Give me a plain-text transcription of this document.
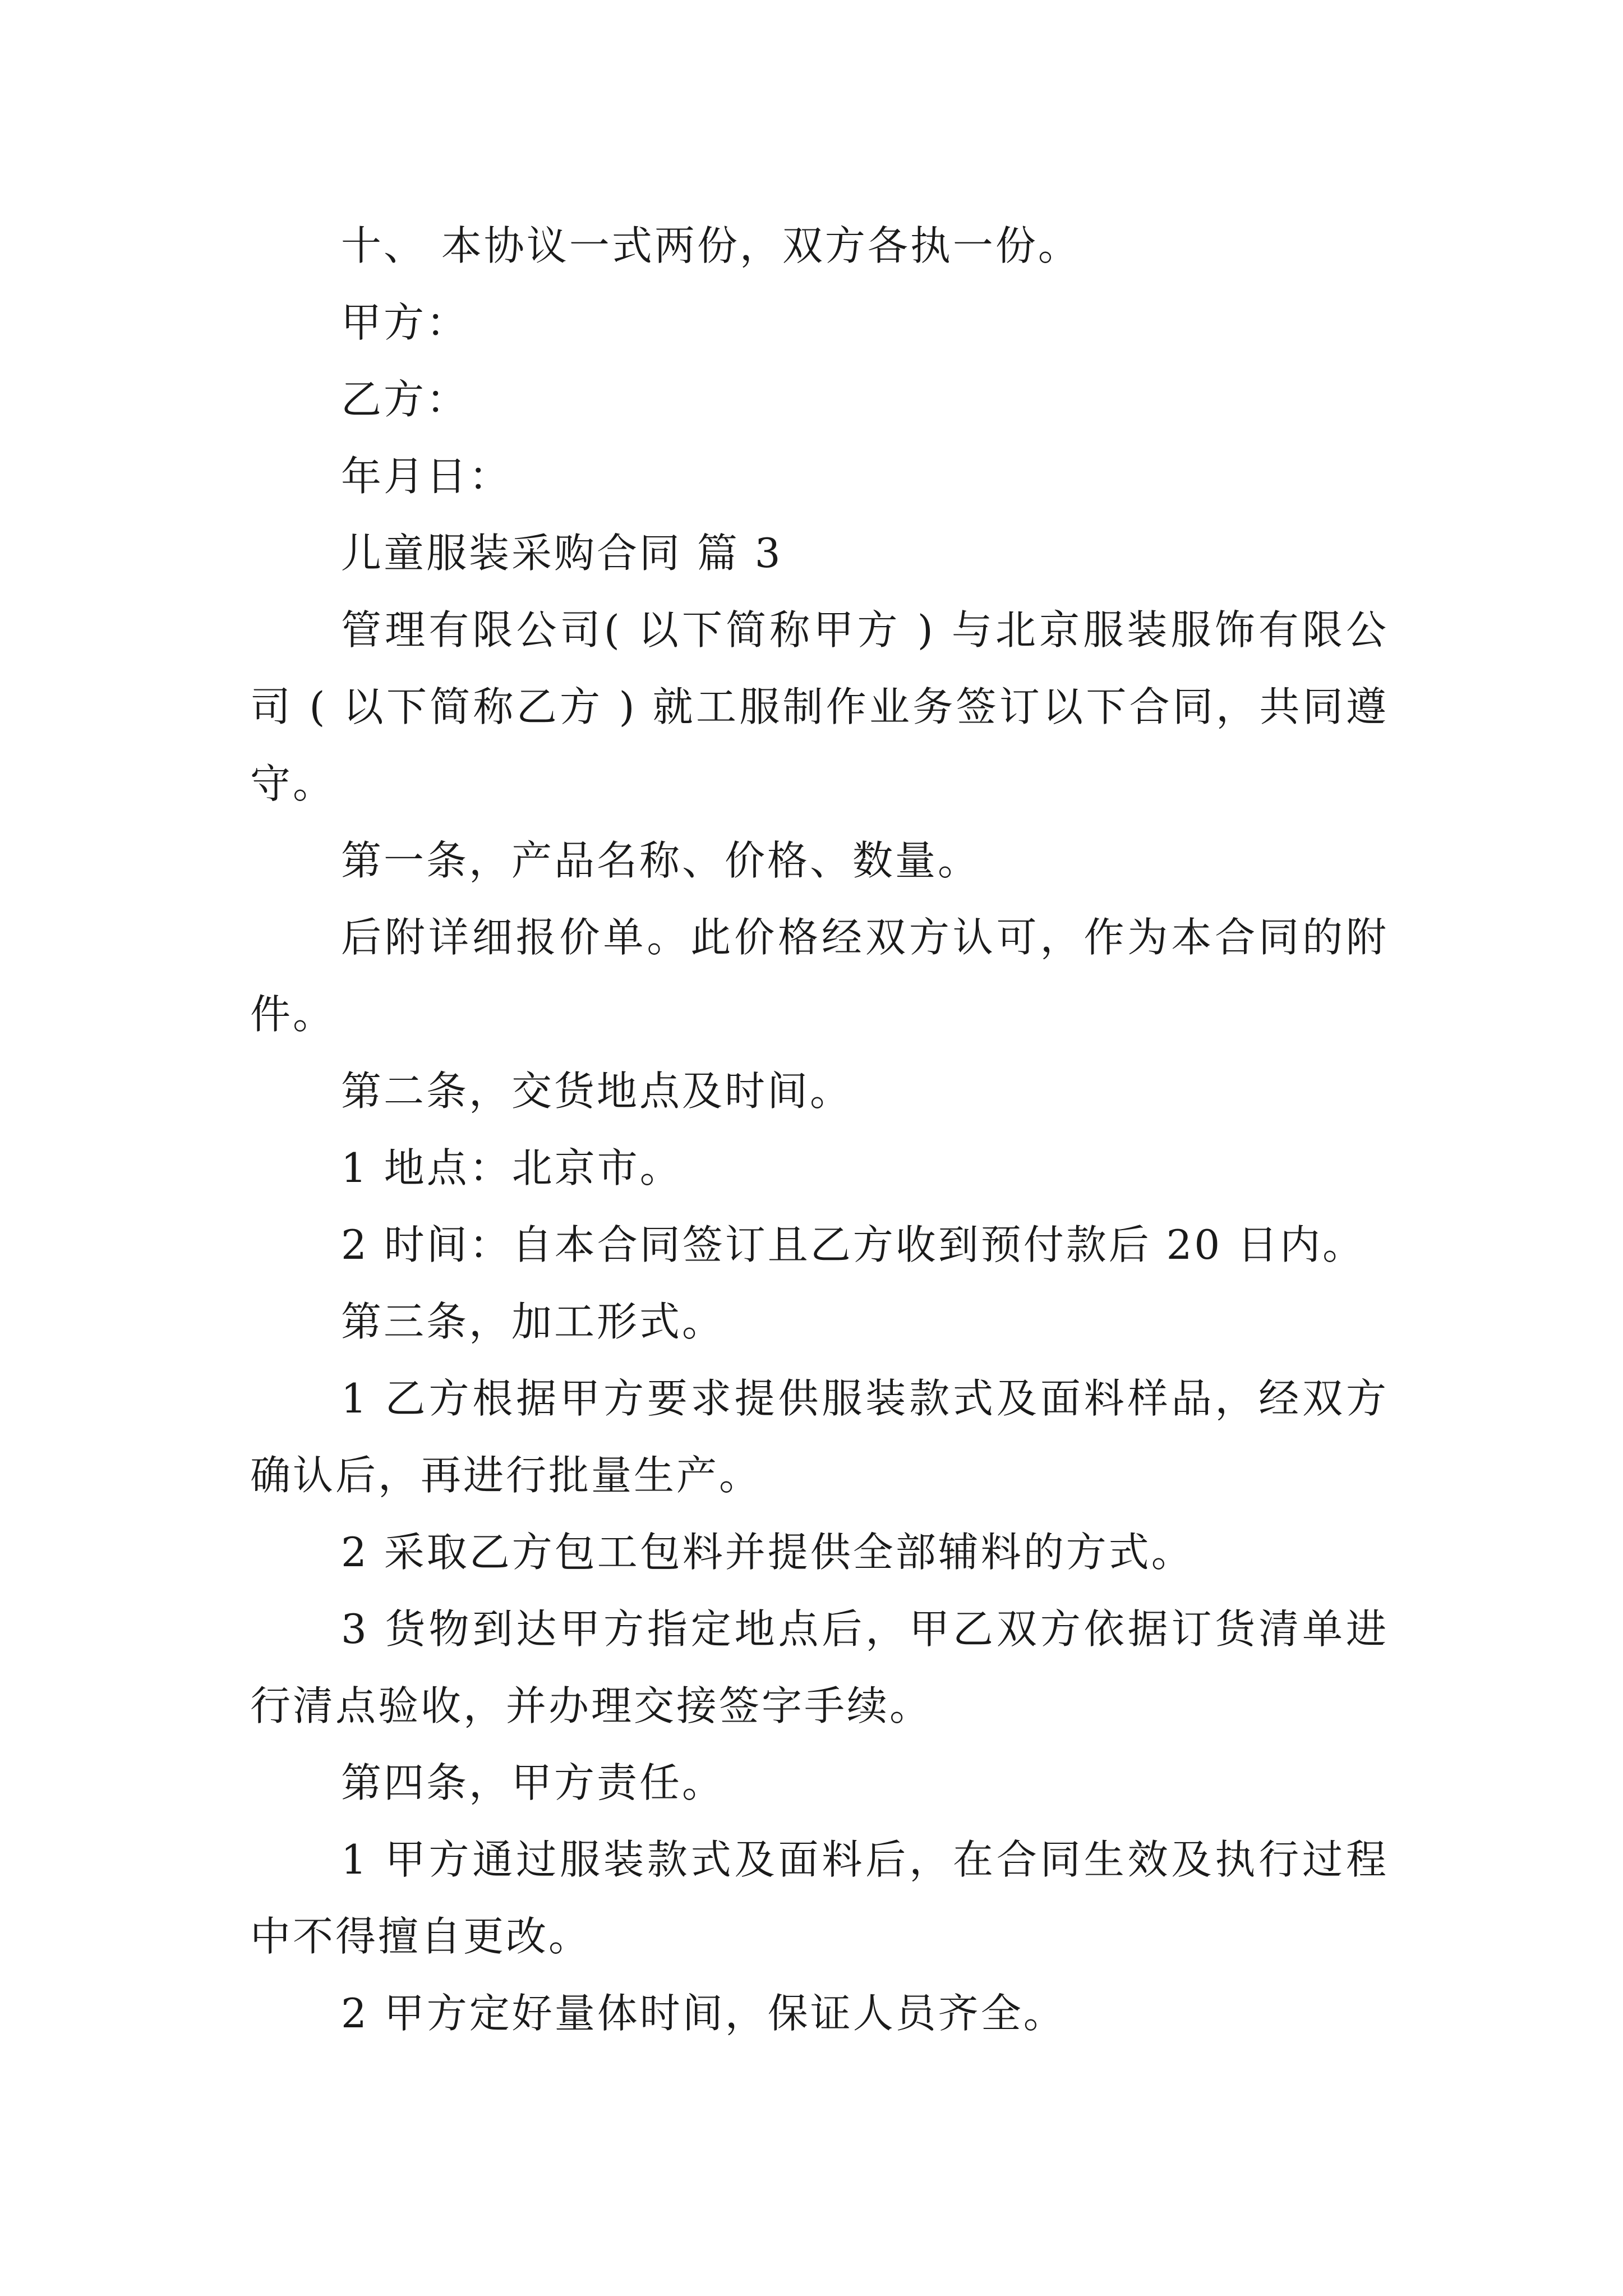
十、 本协议一式两份，双方各执一份。

甲方：

乙方：

年月日：

儿童服装采购合同 篇 3

管理有限公司( 以下简称甲方 ) 与北京服装服饰有限公司 ( 以下简称乙方 ) 就工服制作业务签订以下合同，共同遵守。

第一条，产品名称、价格、数量。

后附详细报价单。此价格经双方认可，作为本合同的附件。

第二条，交货地点及时间。

1 地点：北京市。

2 时间：自本合同签订且乙方收到预付款后 20 日内。

第三条，加工形式。

1 乙方根据甲方要求提供服装款式及面料样品，经双方确认后，再进行批量生产。

2 采取乙方包工包料并提供全部辅料的方式。

3 货物到达甲方指定地点后，甲乙双方依据订货清单进行清点验收，并办理交接签字手续。

第四条，甲方责任。

1 甲方通过服装款式及面料后，在合同生效及执行过程中不得擅自更改。

2 甲方定好量体时间，保证人员齐全。
